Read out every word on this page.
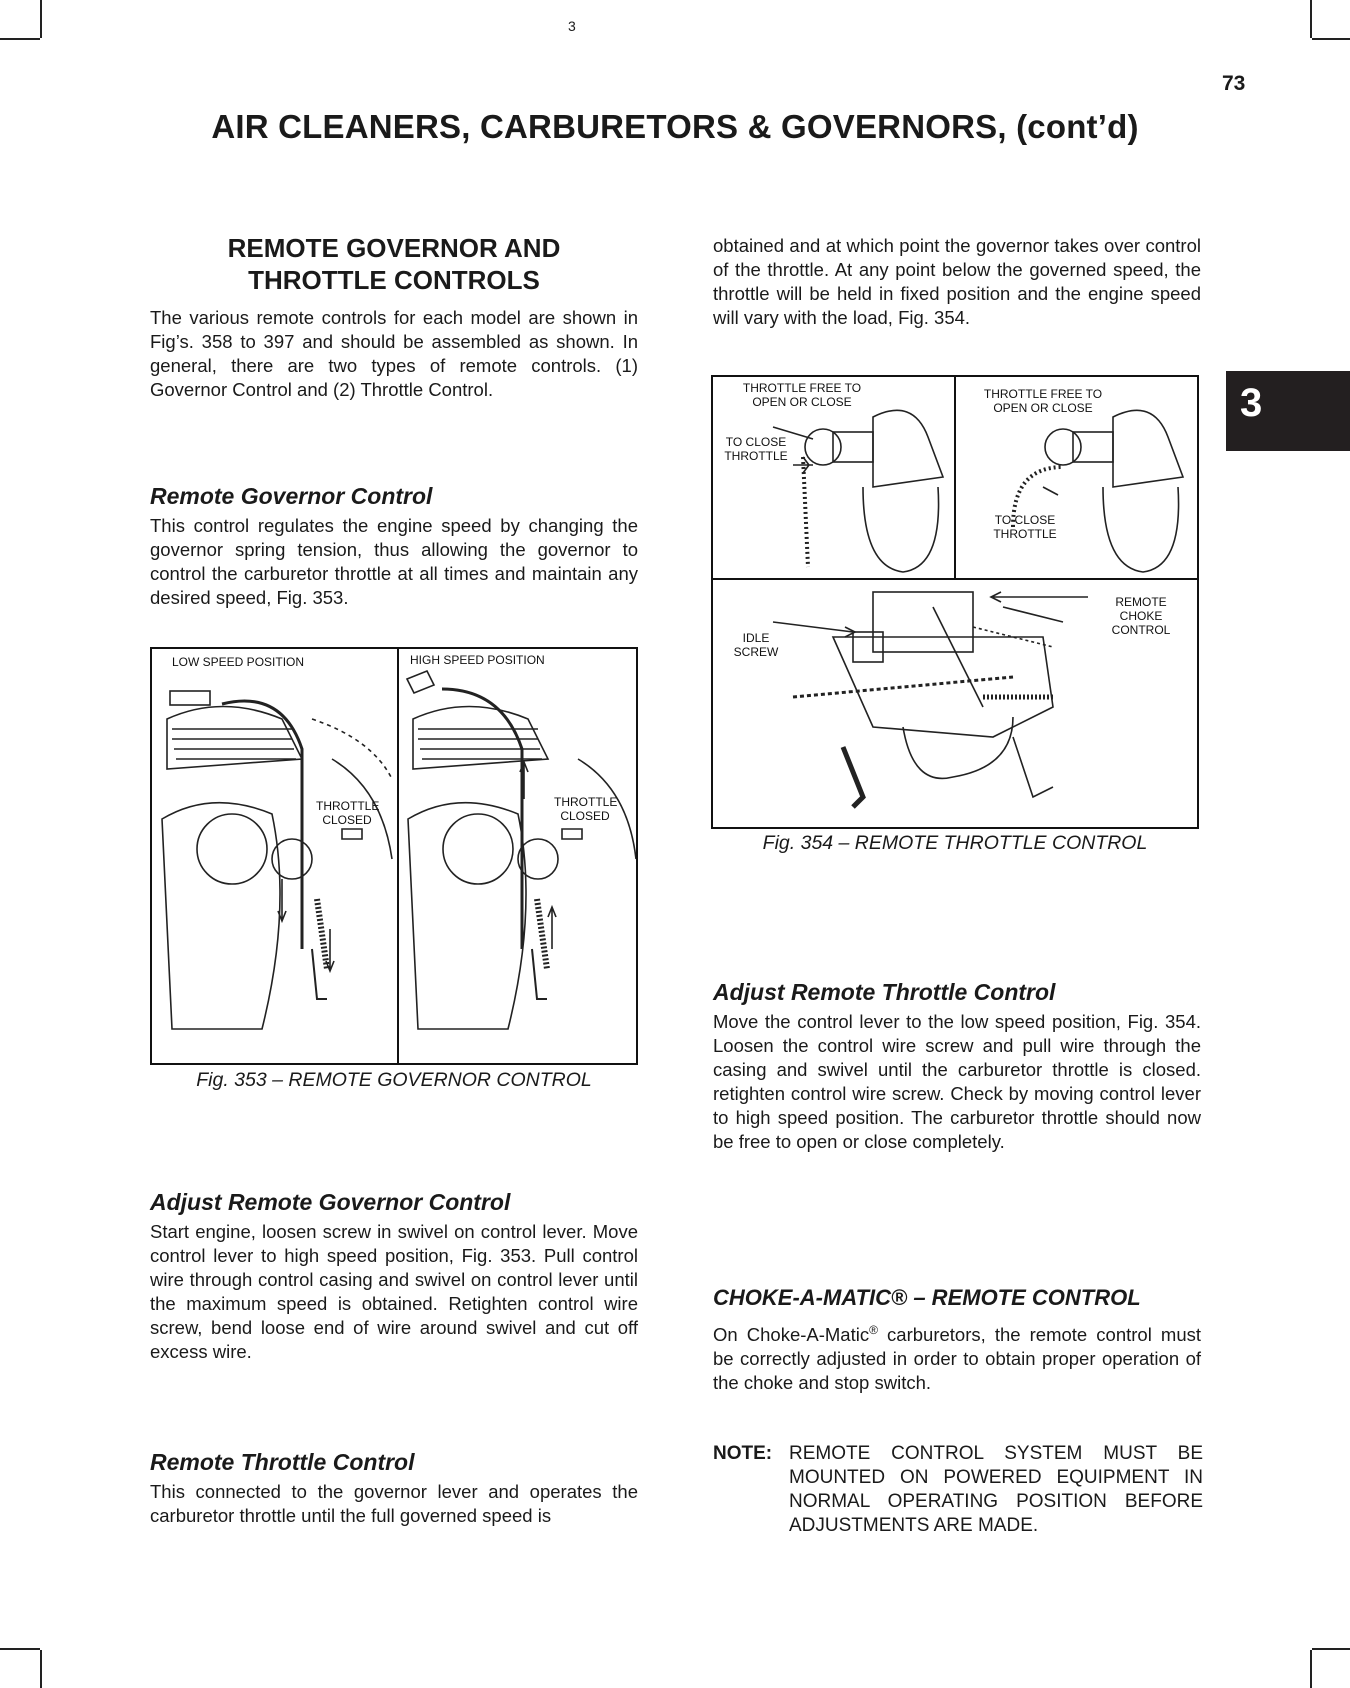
3
73
AIR CLEANERS, CARBURETORS & GOVERNORS, (cont’d)
3
REMOTE GOVERNOR AND
THROTTLE CONTROLS
The various remote controls for each model are shown in Fig’s. 358 to 397 and should be assembled as shown. In general, there are two types of remote controls. (1) Governor Control and (2) Throttle Control.
Remote Governor Control
This control regulates the engine speed by changing the governor spring tension, thus allowing the governor to control the carburetor throttle at all times and maintain any desired speed, Fig. 353.
LOW SPEED POSITION	HIGH SPEED POSITION
THROTTLE CLOSED
THROTTLE CLOSED
Fig. 353 – REMOTE GOVERNOR CONTROL
Adjust Remote Governor Control
Start engine, loosen screw in swivel on control lever. Move control lever to high speed position, Fig. 353. Pull control wire through control casing and swivel on control lever until the maximum speed is obtained. Retighten control wire screw, bend loose end of wire around swivel and cut off excess wire.
Remote Throttle Control
This connected to the governor lever and operates the carburetor throttle until the full governed speed is
obtained and at which point the governor takes over control of the throttle. At any point below the governed speed, the throttle will be held in fixed position and the engine speed will vary with the load, Fig. 354.
THROTTLE FREE TO OPEN OR CLOSE
TO CLOSE THROTTLE
THROTTLE FREE TO OPEN OR CLOSE
TO CLOSE THROTTLE
IDLE SCREW
REMOTE CHOKE CONTROL
Fig. 354 – REMOTE THROTTLE CONTROL
Adjust Remote Throttle Control
Move the control lever to the low speed position, Fig. 354. Loosen the control wire screw and pull wire through the casing and swivel until the carburetor throttle is closed. retighten control wire screw. Check by moving control lever to high speed position. The carburetor throttle should now be free to open or close completely.
CHOKE-A-MATIC® – REMOTE CONTROL
On Choke-A-Matic® carburetors, the remote control must be correctly adjusted in order to obtain proper operation of the choke and stop switch.
NOTE: REMOTE CONTROL SYSTEM MUST BE MOUNTED ON POWERED EQUIPMENT IN NORMAL OPERATING POSITION BEFORE ADJUSTMENTS ARE MADE.
